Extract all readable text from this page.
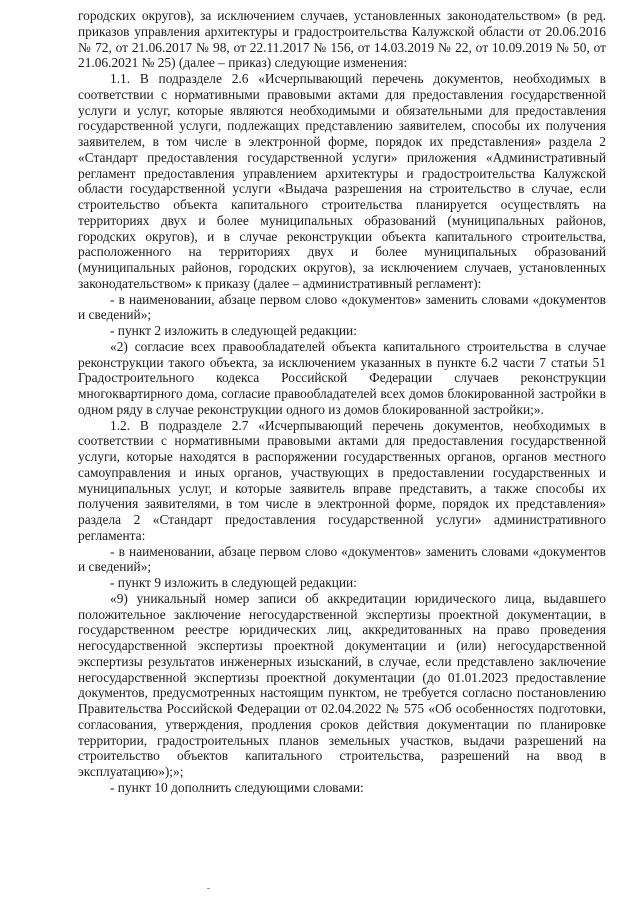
городских округов), за исключением случаев, установленных законодательством» (в ред. приказов управления архитектуры и градостроительства Калужской области от 20.06.2016 № 72, от 21.06.2017 № 98, от 22.11.2017 № 156, от 14.03.2019 № 22, от 10.09.2019 № 50, от 21.06.2021 № 25) (далее – приказ) следующие изменения:

1.1. В подразделе 2.6 «Исчерпывающий перечень документов, необходимых в соответствии с нормативными правовыми актами для предоставления государственной услуги и услуг, которые являются необходимыми и обязательными для предоставления государственной услуги, подлежащих представлению заявителем, способы их получения заявителем, в том числе в электронной форме, порядок их представления» раздела 2 «Стандарт предоставления государственной услуги» приложения «Административный регламент предоставления управлением архитектуры и градостроительства Калужской области государственной услуги «Выдача разрешения на строительство в случае, если строительство объекта капитального строительства планируется осуществлять на территориях двух и более муниципальных образований (муниципальных районов, городских округов), и в случае реконструкции объекта капитального строительства, расположенного на территориях двух и более муниципальных образований (муниципальных районов, городских округов), за исключением случаев, установленных законодательством» к приказу (далее – административный регламент):

- в наименовании, абзаце первом слово «документов» заменить словами «документов и сведений»;

- пункт 2 изложить в следующей редакции:

«2) согласие всех правообладателей объекта капитального строительства в случае реконструкции такого объекта, за исключением указанных в пункте 6.2 части 7 статьи 51 Градостроительного кодекса Российской Федерации случаев реконструкции многоквартирного дома, согласие правообладателей всех домов блокированной застройки в одном ряду в случае реконструкции одного из домов блокированной застройки;».

1.2. В подразделе 2.7 «Исчерпывающий перечень документов, необходимых в соответствии с нормативными правовыми актами для предоставления государственной услуги, которые находятся в распоряжении государственных органов, органов местного самоуправления и иных органов, участвующих в предоставлении государственных и муниципальных услуг, и которые заявитель вправе представить, а также способы их получения заявителями, в том числе в электронной форме, порядок их представления» раздела 2 «Стандарт предоставления государственной услуги» административного регламента:

- в наименовании, абзаце первом слово «документов» заменить словами «документов и сведений»;

- пункт 9 изложить в следующей редакции:

«9) уникальный номер записи об аккредитации юридического лица, выдавшего положительное заключение негосударственной экспертизы проектной документации, в государственном реестре юридических лиц, аккредитованных на право проведения негосударственной экспертизы проектной документации и (или) негосударственной экспертизы результатов инженерных изысканий, в случае, если представлено заключение негосударственной экспертизы проектной документации (до 01.01.2023 предоставление документов, предусмотренных настоящим пунктом, не требуется согласно постановлению Правительства Российской Федерации от 02.04.2022 № 575 «Об особенностях подготовки, согласования, утверждения, продления сроков действия документации по планировке территории, градостроительных планов земельных участков, выдачи разрешений на строительство объектов капитального строительства, разрешений на ввод в эксплуатацию»);»;

- пункт 10 дополнить следующими словами:
